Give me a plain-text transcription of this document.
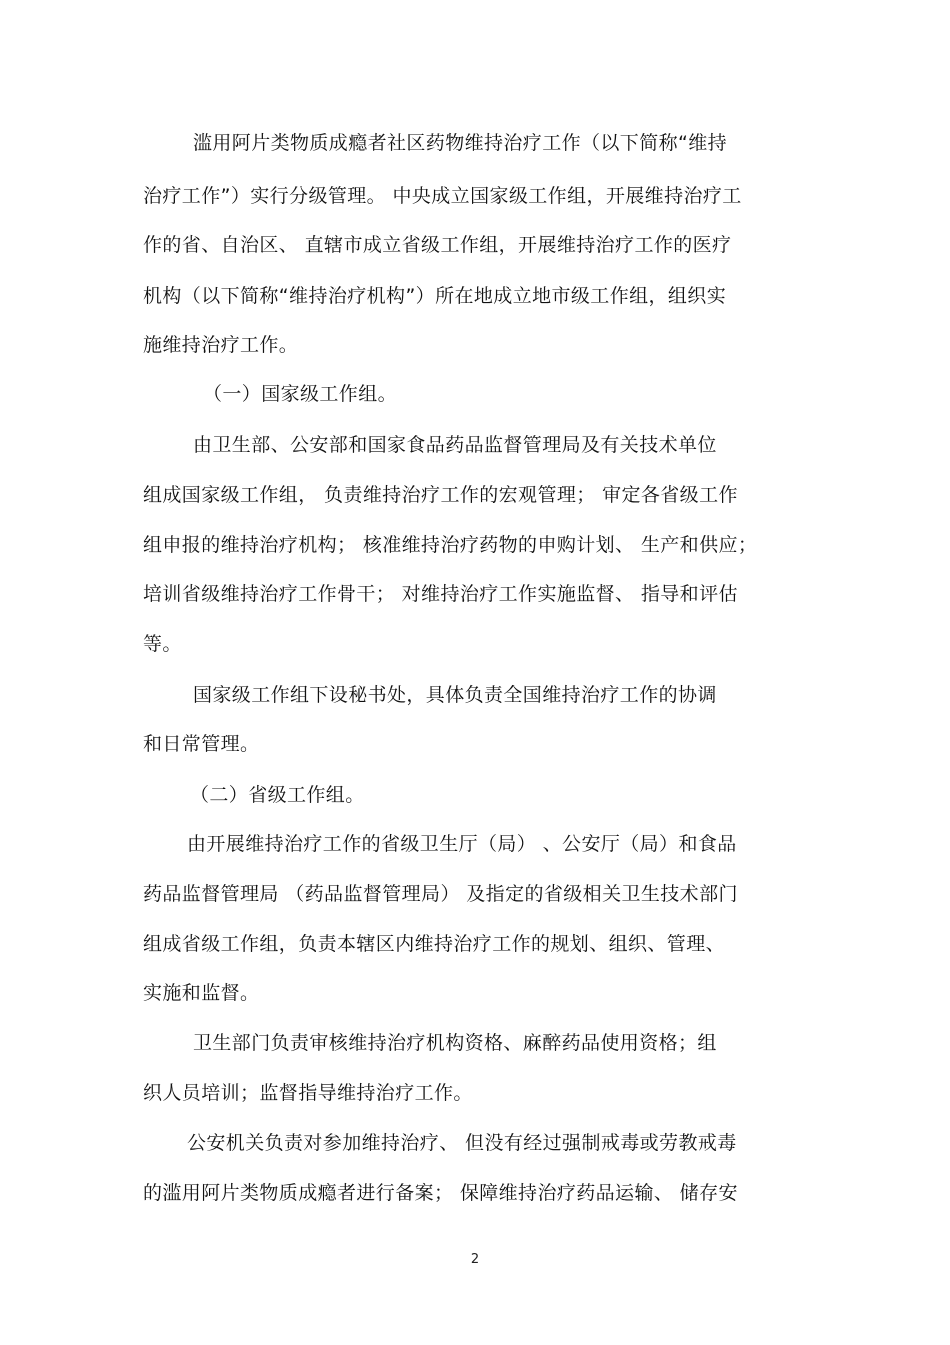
滥用阿片类物质成瘾者社区药物维持治疗工作（以下简称“维持
治疗工作”）实行分级管理。 中央成立国家级工作组，开展维持治疗工
作的省、自治区、 直辖市成立省级工作组，开展维持治疗工作的医疗
机构（以下简称“维持治疗机构”）所在地成立地市级工作组，组织实
施维持治疗工作。
（一）国家级工作组。
由卫生部、公安部和国家食品药品监督管理局及有关技术单位
组成国家级工作组， 负责维持治疗工作的宏观管理； 审定各省级工作
组申报的维持治疗机构； 核准维持治疗药物的申购计划、 生产和供应；
培训省级维持治疗工作骨干； 对维持治疗工作实施监督、 指导和评估
等。
国家级工作组下设秘书处，具体负责全国维持治疗工作的协调
和日常管理。
（二）省级工作组。
由开展维持治疗工作的省级卫生厅（局） 、公安厅（局）和食品
药品监督管理局 （药品监督管理局） 及指定的省级相关卫生技术部门
组成省级工作组，负责本辖区内维持治疗工作的规划、组织、管理、
实施和监督。
卫生部门负责审核维持治疗机构资格、麻醉药品使用资格；组
织人员培训；监督指导维持治疗工作。
公安机关负责对参加维持治疗、 但没有经过强制戒毒或劳教戒毒
的滥用阿片类物质成瘾者进行备案； 保障维持治疗药品运输、 储存安
2
